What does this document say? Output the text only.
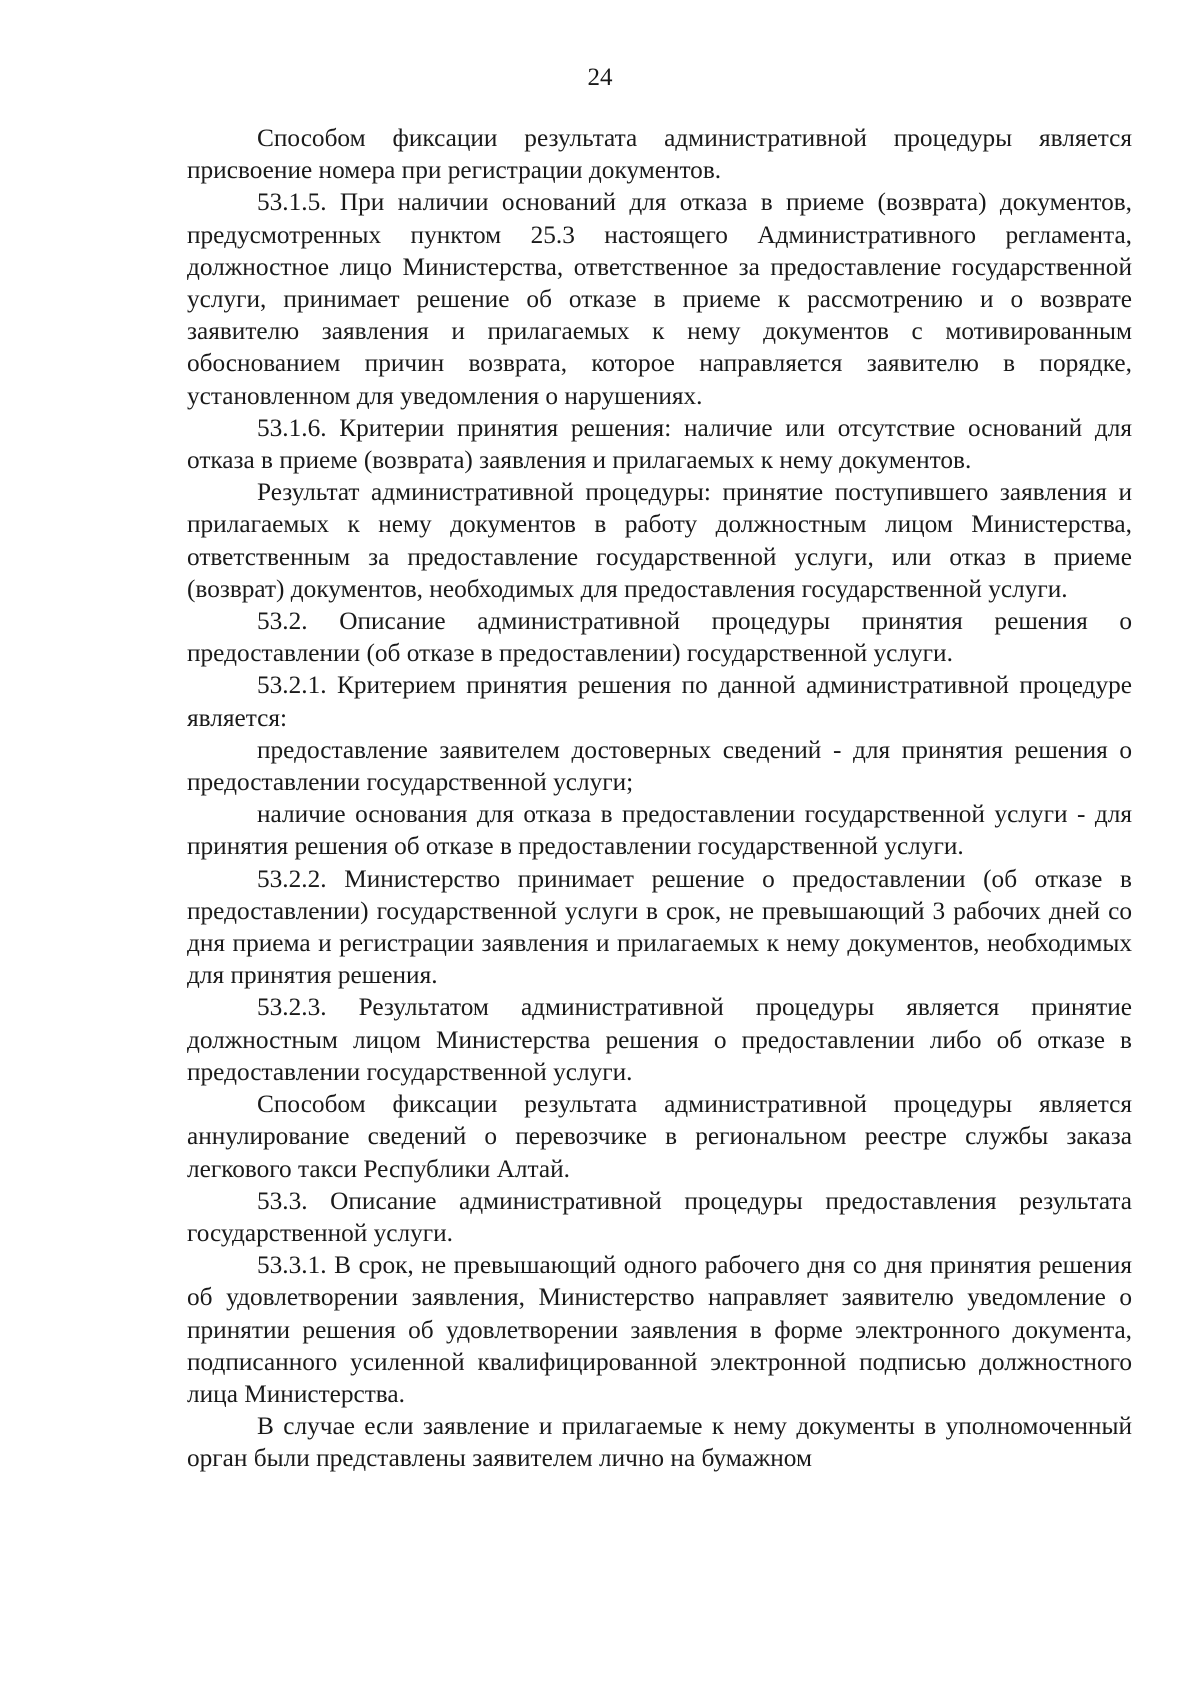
24

Способом фиксации результата административной процедуры является присвоение номера при регистрации документов.

53.1.5. При наличии оснований для отказа в приеме (возврата) документов, предусмотренных пунктом 25.3 настоящего Административного регламента, должностное лицо Министерства, ответственное за предоставление государственной услуги, принимает решение об отказе в приеме к рассмотрению и о возврате заявителю заявления и прилагаемых к нему документов с мотивированным обоснованием причин возврата, которое направляется заявителю в порядке, установленном для уведомления о нарушениях.

53.1.6. Критерии принятия решения: наличие или отсутствие оснований для отказа в приеме (возврата) заявления и прилагаемых к нему документов.

Результат административной процедуры: принятие поступившего заявления и прилагаемых к нему документов в работу должностным лицом Министерства, ответственным за предоставление государственной услуги, или отказ в приеме (возврат) документов, необходимых для предоставления государственной услуги.

53.2. Описание административной процедуры принятия решения о предоставлении (об отказе в предоставлении) государственной услуги.

53.2.1. Критерием принятия решения по данной административной процедуре является:

предоставление заявителем достоверных сведений - для принятия решения о предоставлении государственной услуги;

наличие основания для отказа в предоставлении государственной услуги - для принятия решения об отказе в предоставлении государственной услуги.

53.2.2. Министерство принимает решение о предоставлении (об отказе в предоставлении) государственной услуги в срок, не превышающий 3 рабочих дней со дня приема и регистрации заявления и прилагаемых к нему документов, необходимых для принятия решения.

53.2.3. Результатом административной процедуры является принятие должностным лицом Министерства решения о предоставлении либо об отказе в предоставлении государственной услуги.

Способом фиксации результата административной процедуры является аннулирование сведений о перевозчике в региональном реестре службы заказа легкового такси Республики Алтай.

53.3. Описание административной процедуры предоставления результата государственной услуги.

53.3.1. В срок, не превышающий одного рабочего дня со дня принятия решения об удовлетворении заявления, Министерство направляет заявителю уведомление о принятии решения об удовлетворении заявления в форме электронного документа, подписанного усиленной квалифицированной электронной подписью должностного лица Министерства.

В случае если заявление и прилагаемые к нему документы в уполномоченный орган были представлены заявителем лично на бумажном
